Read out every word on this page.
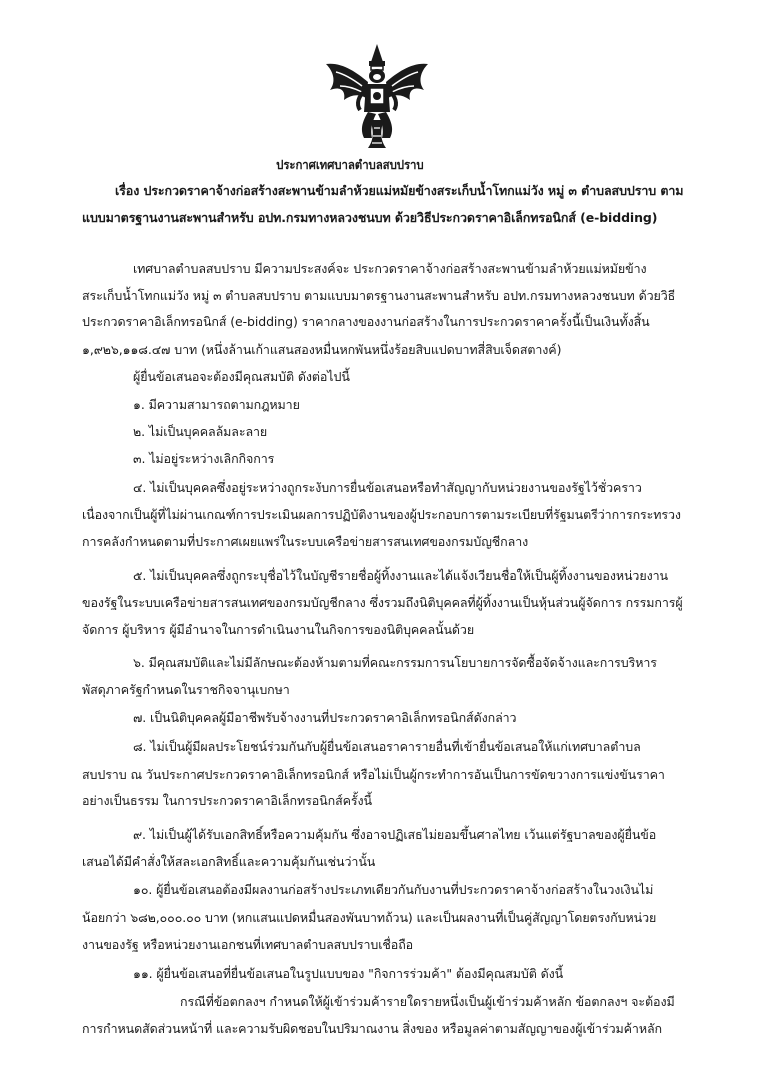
ประกาศเทศบาลตำบลสบปราบ
เรื่อง ประกวดราคาจ้างก่อสร้างสะพานข้ามลำห้วยแม่หมัยข้างสระเก็บน้ำโทกแม่วัง หมู่ ๓ ตำบลสบปราบ ตาม
แบบมาตรฐานงานสะพานสำหรับ อปท.กรมทางหลวงชนบท ด้วยวิธีประกวดราคาอิเล็กทรอนิกส์ (e-bidding)
เทศบาลตำบลสบปราบ มีความประสงค์จะ ประกวดราคาจ้างก่อสร้างสะพานข้ามลำห้วยแม่หมัยข้าง
สระเก็บน้ำโทกแม่วัง หมู่ ๓ ตำบลสบปราบ ตามแบบมาตรฐานงานสะพานสำหรับ อปท.กรมทางหลวงชนบท ด้วยวิธี
ประกวดราคาอิเล็กทรอนิกส์ (e-bidding) ราคากลางของงานก่อสร้างในการประกวดราคาครั้งนี้เป็นเงินทั้งสิ้น
๑,๙๒๖,๑๑๘.๔๗ บาท (หนึ่งล้านเก้าแสนสองหมื่นหกพันหนึ่งร้อยสิบแปดบาทสี่สิบเจ็ดสตางค์)
ผู้ยื่นข้อเสนอจะต้องมีคุณสมบัติ ดังต่อไปนี้
๑. มีความสามารถตามกฎหมาย
๒. ไม่เป็นบุคคลล้มละลาย
๓. ไม่อยู่ระหว่างเลิกกิจการ
๔. ไม่เป็นบุคคลซึ่งอยู่ระหว่างถูกระงับการยื่นข้อเสนอหรือทำสัญญากับหน่วยงานของรัฐไว้ชั่วคราว
เนื่องจากเป็นผู้ที่ไม่ผ่านเกณฑ์การประเมินผลการปฏิบัติงานของผู้ประกอบการตามระเบียบที่รัฐมนตรีว่าการกระทรวง
การคลังกำหนดตามที่ประกาศเผยแพร่ในระบบเครือข่ายสารสนเทศของกรมบัญชีกลาง
๕. ไม่เป็นบุคคลซึ่งถูกระบุชื่อไว้ในบัญชีรายชื่อผู้ทิ้งงานและได้แจ้งเวียนชื่อให้เป็นผู้ทิ้งงานของหน่วยงาน
ของรัฐในระบบเครือข่ายสารสนเทศของกรมบัญชีกลาง ซึ่งรวมถึงนิติบุคคลที่ผู้ทิ้งงานเป็นหุ้นส่วนผู้จัดการ กรรมการผู้
จัดการ ผู้บริหาร ผู้มีอำนาจในการดำเนินงานในกิจการของนิติบุคคลนั้นด้วย
๖. มีคุณสมบัติและไม่มีลักษณะต้องห้ามตามที่คณะกรรมการนโยบายการจัดซื้อจัดจ้างและการบริหาร
พัสดุภาครัฐกำหนดในราชกิจจานุเบกษา
๗. เป็นนิติบุคคลผู้มีอาชีพรับจ้างงานที่ประกวดราคาอิเล็กทรอนิกส์ดังกล่าว
๘. ไม่เป็นผู้มีผลประโยชน์ร่วมกันกับผู้ยื่นข้อเสนอราคารายอื่นที่เข้ายื่นข้อเสนอให้แก่เทศบาลตำบล
สบปราบ ณ วันประกาศประกวดราคาอิเล็กทรอนิกส์ หรือไม่เป็นผู้กระทำการอันเป็นการขัดขวางการแข่งขันราคา
อย่างเป็นธรรม ในการประกวดราคาอิเล็กทรอนิกส์ครั้งนี้
๙. ไม่เป็นผู้ได้รับเอกสิทธิ์หรือความคุ้มกัน ซึ่งอาจปฏิเสธไม่ยอมขึ้นศาลไทย เว้นแต่รัฐบาลของผู้ยื่นข้อ
เสนอได้มีคำสั่งให้สละเอกสิทธิ์และความคุ้มกันเช่นว่านั้น
๑๐. ผู้ยื่นข้อเสนอต้องมีผลงานก่อสร้างประเภทเดียวกันกับงานที่ประกวดราคาจ้างก่อสร้างในวงเงินไม่
น้อยกว่า ๖๘๒,๐๐๐.๐๐ บาท (หกแสนแปดหมื่นสองพันบาทถ้วน) และเป็นผลงานที่เป็นคู่สัญญาโดยตรงกับหน่วย
งานของรัฐ หรือหน่วยงานเอกชนที่เทศบาลตำบลสบปราบเชื่อถือ
๑๑. ผู้ยื่นข้อเสนอที่ยื่นข้อเสนอในรูปแบบของ "กิจการร่วมค้า" ต้องมีคุณสมบัติ ดังนี้
กรณีที่ข้อตกลงฯ กำหนดให้ผู้เข้าร่วมค้ารายใดรายหนึ่งเป็นผู้เข้าร่วมค้าหลัก ข้อตกลงฯ จะต้องมี
การกำหนดสัดส่วนหน้าที่ และความรับผิดชอบในปริมาณงาน สิ่งของ หรือมูลค่าตามสัญญาของผู้เข้าร่วมค้าหลัก
